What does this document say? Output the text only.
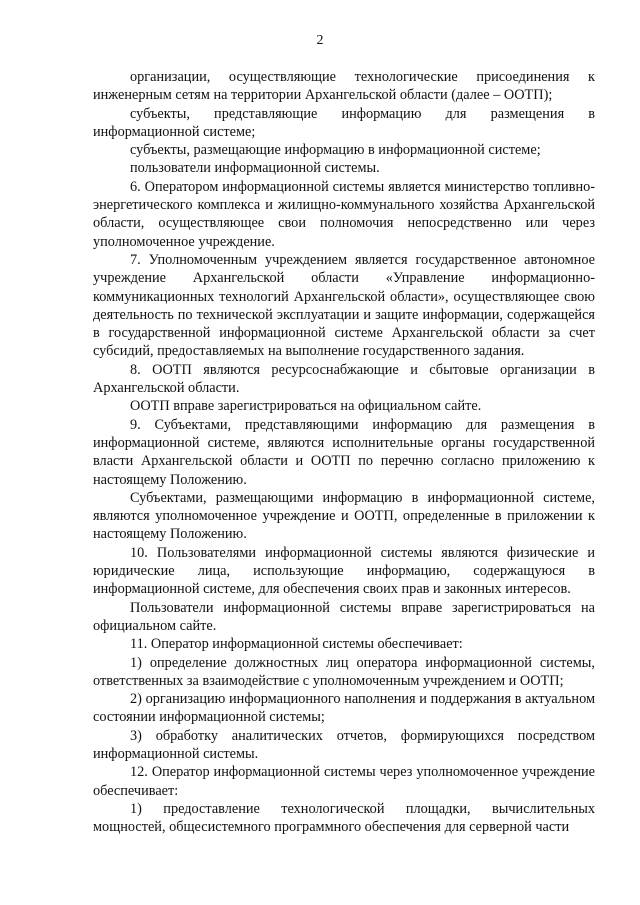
2

организации, осуществляющие технологические присоединения к инженерным сетям на территории Архангельской области (далее – ООТП);

субъекты, представляющие информацию для размещения в информационной системе;

субъекты, размещающие информацию в информационной системе;

пользователи информационной системы.

6. Оператором информационной системы является министерство топливно-энергетического комплекса и жилищно-коммунального хозяйства Архангельской области, осуществляющее свои полномочия непосредственно или через уполномоченное учреждение.

7. Уполномоченным учреждением является государственное автономное учреждение Архангельской области «Управление информационно-коммуникационных технологий Архангельской области», осуществляющее свою деятельность по технической эксплуатации и защите информации, содержащейся в государственной информационной системе Архангельской области за счет субсидий, предоставляемых на выполнение государственного задания.

8. ООТП являются ресурсоснабжающие и сбытовые организации в Архангельской области.

ООТП вправе зарегистрироваться на официальном сайте.

9. Субъектами, представляющими информацию для размещения в информационной системе, являются исполнительные органы государственной власти Архангельской области и ООТП по перечню согласно приложению к настоящему Положению.

Субъектами, размещающими информацию в информационной системе, являются уполномоченное учреждение и ООТП, определенные в приложении к настоящему Положению.

10. Пользователями информационной системы являются физические и юридические лица, использующие информацию, содержащуюся в информационной системе, для обеспечения своих прав и законных интересов.

Пользователи информационной системы вправе зарегистрироваться на официальном сайте.

11. Оператор информационной системы обеспечивает:

1) определение должностных лиц оператора информационной системы, ответственных за взаимодействие с уполномоченным учреждением и ООТП;

2) организацию информационного наполнения и поддержания в актуальном состоянии информационной системы;

3) обработку аналитических отчетов, формирующихся посредством информационной системы.

12. Оператор информационной системы через уполномоченное учреждение обеспечивает:

1) предоставление технологической площадки, вычислительных мощностей, общесистемного программного обеспечения для серверной части
